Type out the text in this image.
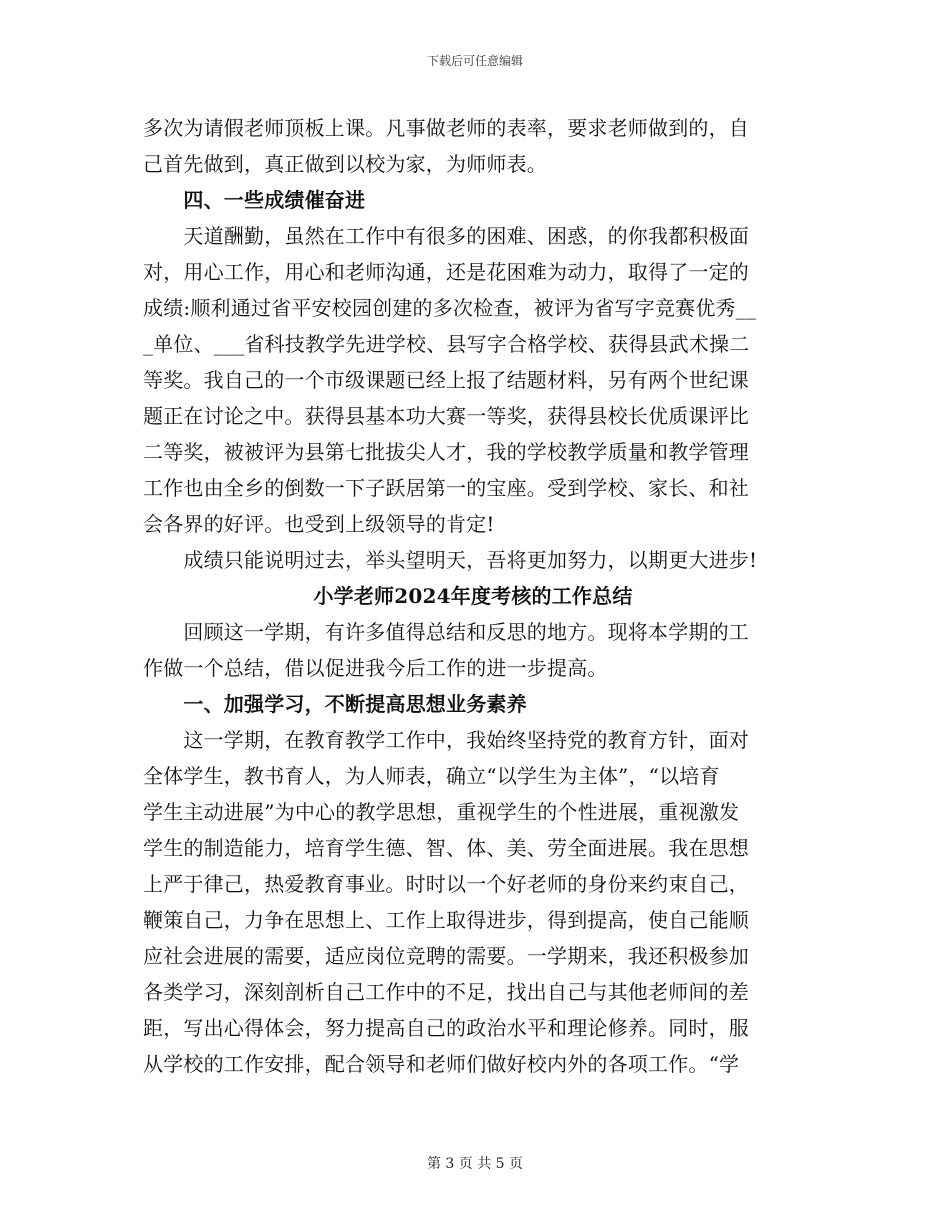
下载后可任意编辑
多次为请假老师顶板上课。凡事做老师的表率，要求老师做到的，自
己首先做到，真正做到以校为家，为师师表。
　　四、一些成绩催奋进
　　天道酬勤，虽然在工作中有很多的困难、困惑，的你我都积极面
对，用心工作，用心和老师沟通，还是花困难为动力，取得了一定的
成绩:顺利通过省平安校园创建的多次检查，被评为省写字竞赛优秀__
_单位、___省科技教学先进学校、县写字合格学校、获得县武术操二
等奖。我自己的一个市级课题已经上报了结题材料，另有两个世纪课
题正在讨论之中。获得县基本功大赛一等奖，获得县校长优质课评比
二等奖，被被评为县第七批拔尖人才，我的学校教学质量和教学管理
工作也由全乡的倒数一下子跃居第一的宝座。受到学校、家长、和社
会各界的好评。也受到上级领导的肯定!
　　成绩只能说明过去，举头望明天，吾将更加努力，以期更大进步!
小学老师2024年度考核的工作总结
　　回顾这一学期，有许多值得总结和反思的地方。现将本学期的工
作做一个总结，借以促进我今后工作的进一步提高。
　　一、加强学习，不断提高思想业务素养
　　这一学期，在教育教学工作中，我始终坚持党的教育方针，面对
全体学生，教书育人，为人师表，确立“以学生为主体”，“以培育
学生主动进展”为中心的教学思想，重视学生的个性进展，重视激发
学生的制造能力，培育学生德、智、体、美、劳全面进展。我在思想
上严于律己，热爱教育事业。时时以一个好老师的身份来约束自己，
鞭策自己，力争在思想上、工作上取得进步，得到提高，使自己能顺
应社会进展的需要，适应岗位竞聘的需要。一学期来，我还积极参加
各类学习，深刻剖析自己工作中的不足，找出自己与其他老师间的差
距，写出心得体会，努力提高自己的政治水平和理论修养。同时，服
从学校的工作安排，配合领导和老师们做好校内外的各项工作。“学
第 3 页 共 5 页
